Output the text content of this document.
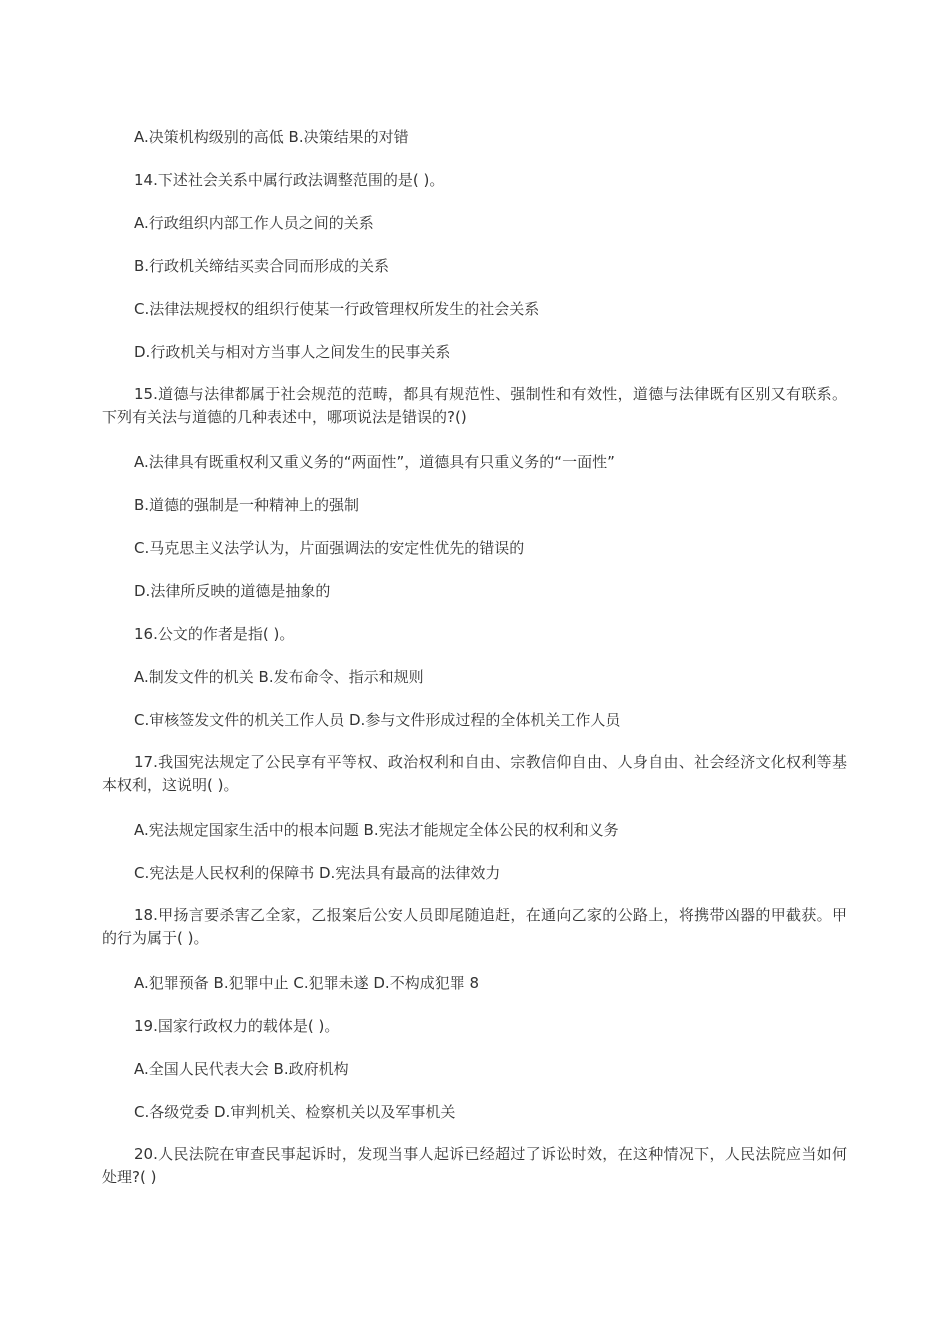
A.决策机构级别的高低 B.决策结果的对错

14.下述社会关系中属行政法调整范围的是( )。

A.行政组织内部工作人员之间的关系

B.行政机关缔结买卖合同而形成的关系

C.法律法规授权的组织行使某一行政管理权所发生的社会关系

D.行政机关与相对方当事人之间发生的民事关系

15.道德与法律都属于社会规范的范畴，都具有规范性、强制性和有效性，道德与法律既有区别又有联系。下列有关法与道德的几种表述中，哪项说法是错误的?()

A.法律具有既重权利又重义务的“两面性”，道德具有只重义务的“一面性”

B.道德的强制是一种精神上的强制

C.马克思主义法学认为，片面强调法的安定性优先的错误的

D.法律所反映的道德是抽象的

16.公文的作者是指( )。

A.制发文件的机关 B.发布命令、指示和规则

C.审核签发文件的机关工作人员 D.参与文件形成过程的全体机关工作人员

17.我国宪法规定了公民享有平等权、政治权利和自由、宗教信仰自由、人身自由、社会经济文化权利等基本权利，这说明( )。

A.宪法规定国家生活中的根本问题 B.宪法才能规定全体公民的权利和义务

C.宪法是人民权利的保障书 D.宪法具有最高的法律效力

18.甲扬言要杀害乙全家，乙报案后公安人员即尾随追赶，在通向乙家的公路上，将携带凶器的甲截获。甲的行为属于( )。

A.犯罪预备 B.犯罪中止 C.犯罪未遂 D.不构成犯罪 8

19.国家行政权力的载体是( )。

A.全国人民代表大会 B.政府机构

C.各级党委 D.审判机关、检察机关以及军事机关

20.人民法院在审查民事起诉时，发现当事人起诉已经超过了诉讼时效，在这种情况下，人民法院应当如何处理?( )
